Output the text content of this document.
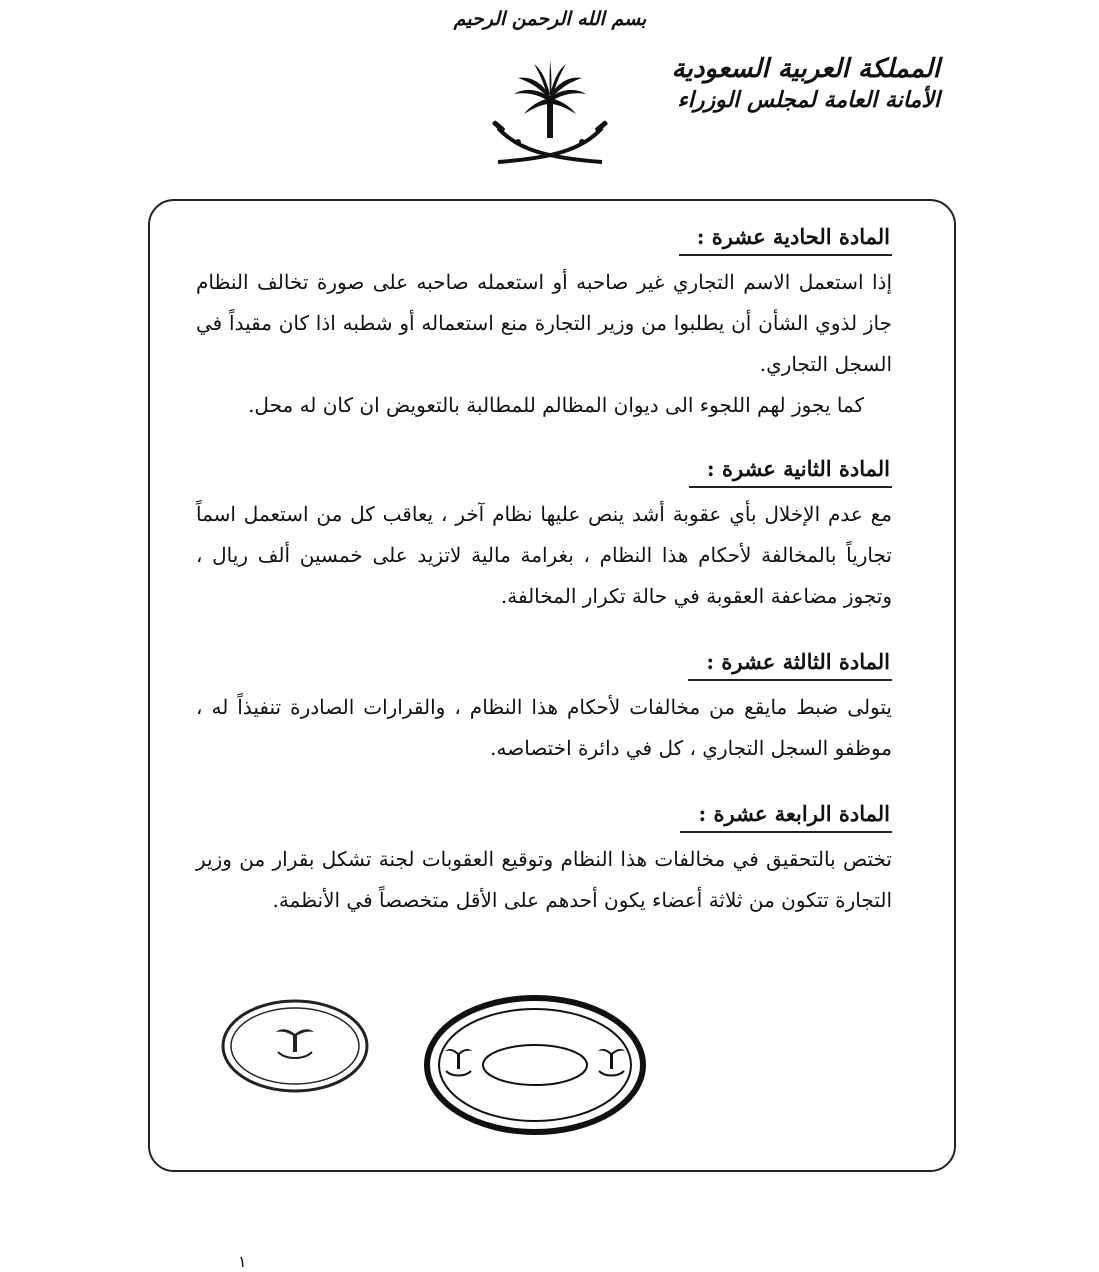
بسم الله الرحمن الرحيم
المملكة العربية السعودية
الأمانة العامة لمجلس الوزراء
المادة الحادية عشرة :

إذا استعمل الاسم التجاري غير صاحبه أو استعمله صاحبه على صورة تخالف النظام جاز لذوي الشأن أن يطلبوا من وزير التجارة منع استعماله أو شطبه اذا كان مقيداً في السجل التجاري.

كما يجوز لهم اللجوء الى ديوان المظالم للمطالبة بالتعويض ان كان له محل.

المادة الثانية عشرة :

مع عدم الإخلال بأي عقوبة أشد ينص عليها نظام آخر ، يعاقب كل من استعمل اسماً تجارياً بالمخالفة لأحكام هذا النظام ، بغرامة مالية لاتزيد على خمسين ألف ريال ، وتجوز مضاعفة العقوبة في حالة تكرار المخالفة.

المادة الثالثة عشرة :

يتولى ضبط مايقع من مخالفات لأحكام هذا النظام ، والقرارات الصادرة تنفيذاً له ، موظفو السجل التجاري ، كل في دائرة اختصاصه.

المادة الرابعة عشرة :

تختص بالتحقيق في مخالفات هذا النظام وتوقيع العقوبات لجنة تشكل بقرار من وزير التجارة تتكون من ثلاثة أعضاء يكون أحدهم على الأقل متخصصاً في الأنظمة.

١
